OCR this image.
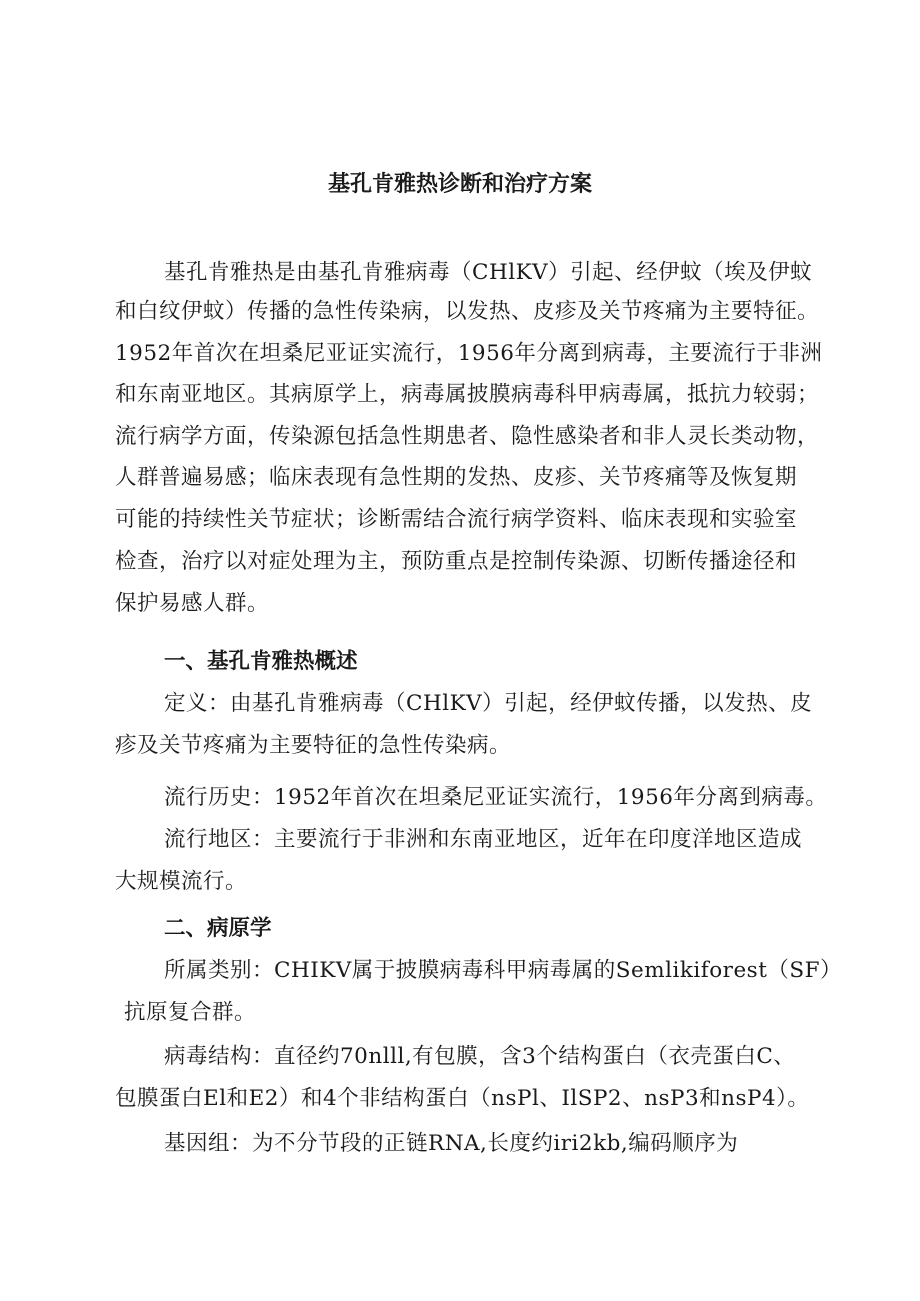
基孔肯雅热诊断和治疗方案
基孔肯雅热是由基孔肯雅病毒（CHlKV）引起、经伊蚊（埃及伊蚊
和白纹伊蚊）传播的急性传染病，以发热、皮疹及关节疼痛为主要特征。
1952年首次在坦桑尼亚证实流行，1956年分离到病毒，主要流行于非洲
和东南亚地区。其病原学上，病毒属披膜病毒科甲病毒属，抵抗力较弱；
流行病学方面，传染源包括急性期患者、隐性感染者和非人灵长类动物，
人群普遍易感；临床表现有急性期的发热、皮疹、关节疼痛等及恢复期
可能的持续性关节症状；诊断需结合流行病学资料、临床表现和实验室
检查，治疗以对症处理为主，预防重点是控制传染源、切断传播途径和
保护易感人群。
一、基孔肯雅热概述
定义：由基孔肯雅病毒（CHlKV）引起，经伊蚊传播，以发热、皮
疹及关节疼痛为主要特征的急性传染病。
流行历史：1952年首次在坦桑尼亚证实流行，1956年分离到病毒。
流行地区：主要流行于非洲和东南亚地区，近年在印度洋地区造成
大规模流行。
二、病原学
所属类别：CHIKV属于披膜病毒科甲病毒属的Semlikiforest（SF）
抗原复合群。
病毒结构：直径约70nlll,有包膜，含3个结构蛋白（衣壳蛋白C、
包膜蛋白El和E2）和4个非结构蛋白（nsPl、IlSP2、nsP3和nsP4）。
基因组：为不分节段的正链RNA,长度约iri2kb,编码顺序为
